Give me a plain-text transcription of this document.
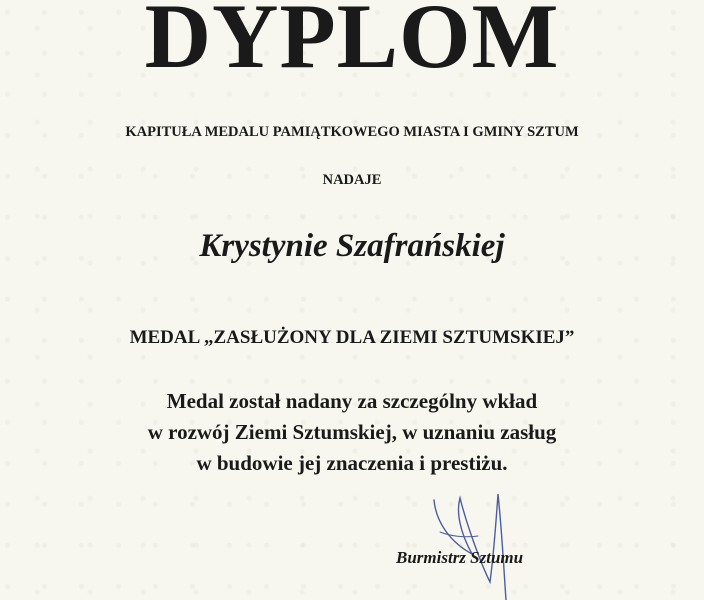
DYPLOM
KAPITUŁA MEDALU PAMIĄTKOWEGO MIASTA I GMINY SZTUM
NADAJE
Krystynie Szafrańskiej
MEDAL „ZASŁUŻONY DLA ZIEMI SZTUMSKIEJ”
Medal został nadany za szczególny wkład
w rozwój Ziemi Sztumskiej, w uznaniu zasług
w budowie jej znaczenia i prestiżu.
Burmistrz Sztumu
